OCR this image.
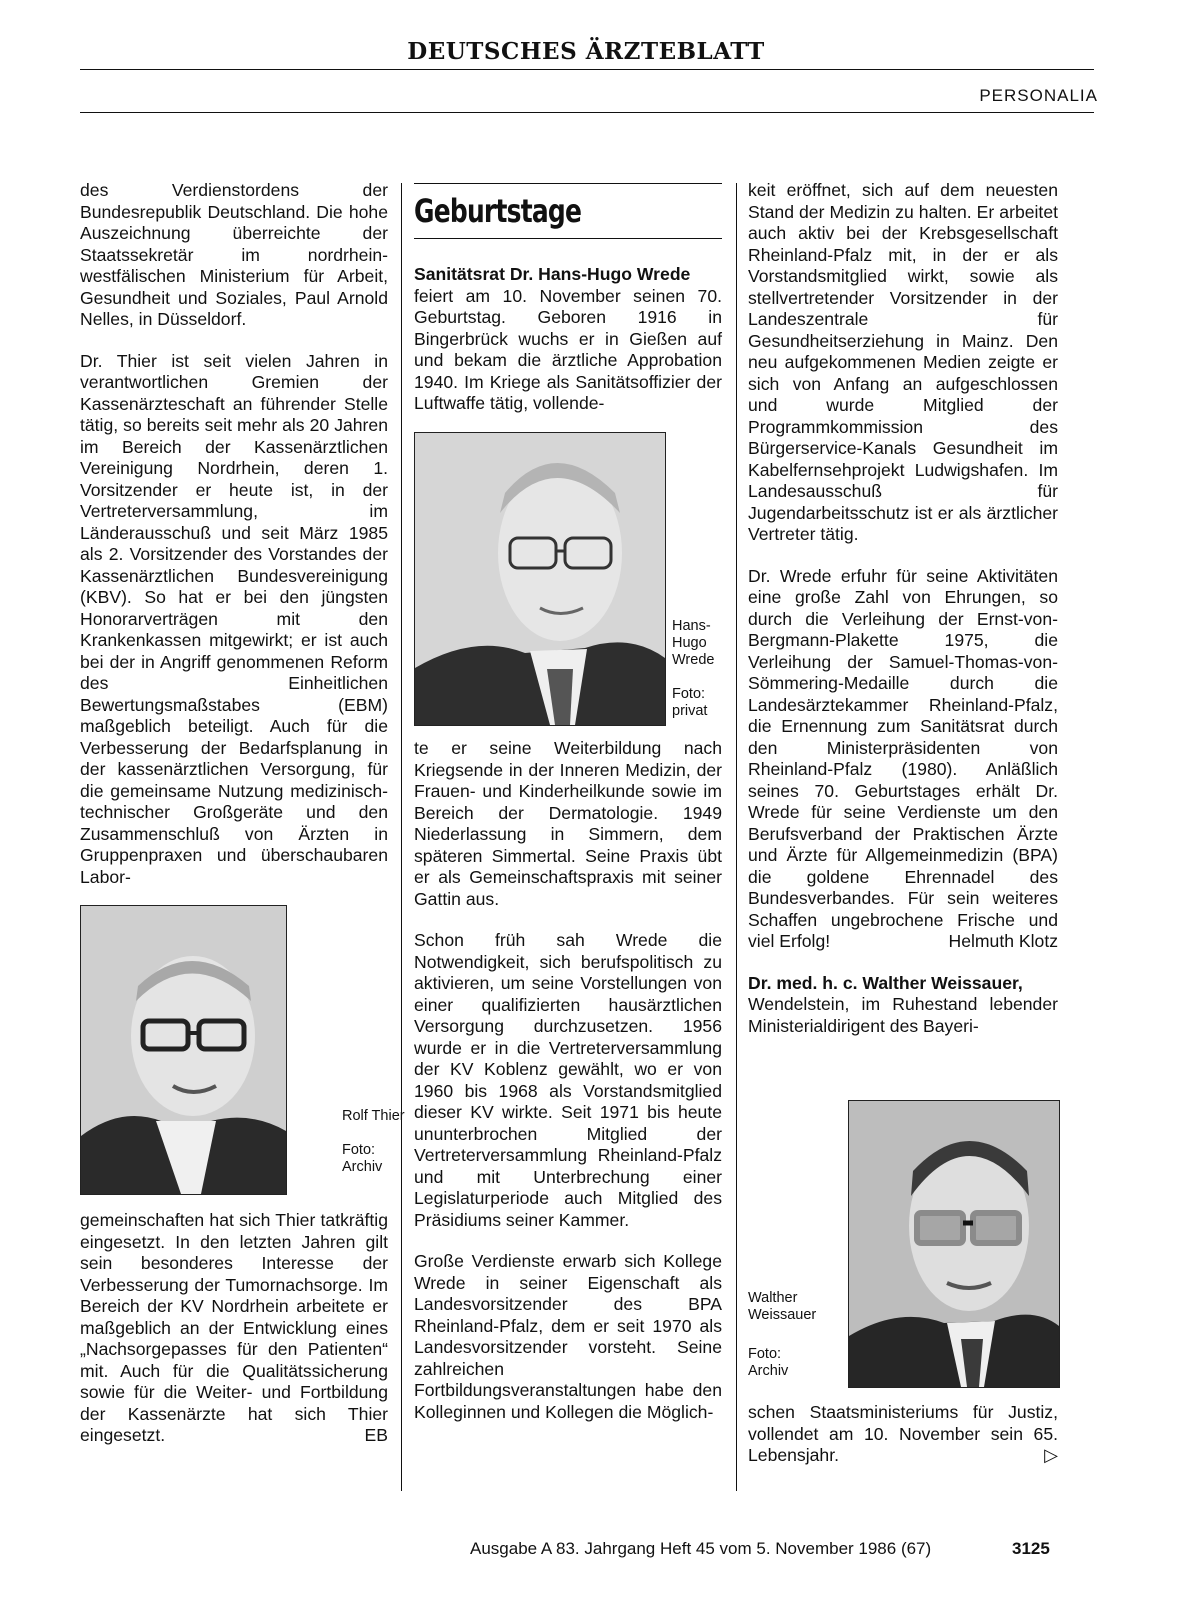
DEUTSCHES ÄRZTEBLATT
PERSONALIA

des Verdienstordens der Bundesrepublik Deutschland. Die hohe Auszeichnung überreichte der Staatssekretär im nordrhein-westfälischen Ministerium für Arbeit, Gesundheit und Soziales, Paul Arnold Nelles, in Düsseldorf.

Dr. Thier ist seit vielen Jahren in verantwortlichen Gremien der Kassenärzteschaft an führender Stelle tätig, so bereits seit mehr als 20 Jahren im Bereich der Kassenärztlichen Vereinigung Nordrhein, deren 1. Vorsitzender er heute ist, in der Vertreterversammlung, im Länderausschuß und seit März 1985 als 2. Vorsitzender des Vorstandes der Kassenärztlichen Bundesvereinigung (KBV). So hat er bei den jüngsten Honorarverträgen mit den Krankenkassen mitgewirkt; er ist auch bei der in Angriff genommenen Reform des Einheitlichen Bewertungsmaßstabes (EBM) maßgeblich beteiligt. Auch für die Verbesserung der Bedarfsplanung in der kassenärztlichen Versorgung, für die gemeinsame Nutzung medizinisch-technischer Großgeräte und den Zusammenschluß von Ärzten in Gruppenpraxen und überschaubaren Labor-

Rolf Thier
Foto: Archiv

gemeinschaften hat sich Thier tatkräftig eingesetzt. In den letzten Jahren gilt sein besonderes Interesse der Verbesserung der Tumornachsorge. Im Bereich der KV Nordrhein arbeitete er maßgeblich an der Entwicklung eines „Nachsorgepasses für den Patienten“ mit. Auch für die Qualitätssicherung sowie für die Weiter- und Fortbildung der Kassenärzte hat sich Thier eingesetzt.	EB
Geburtstage

Sanitätsrat Dr. Hans-Hugo Wrede

feiert am 10. November seinen 70. Geburtstag. Geboren 1916 in Bingerbrück wuchs er in Gießen auf und bekam die ärztliche Approbation 1940. Im Kriege als Sanitätsoffizier der Luftwaffe tätig, vollende-

Hans-Hugo Wrede
Foto: privat

te er seine Weiterbildung nach Kriegsende in der Inneren Medizin, der Frauen- und Kinderheilkunde sowie im Bereich der Dermatologie. 1949 Niederlassung in Simmern, dem späteren Simmertal. Seine Praxis übt er als Gemeinschaftspraxis mit seiner Gattin aus.

Schon früh sah Wrede die Notwendigkeit, sich berufspolitisch zu aktivieren, um seine Vorstellungen von einer qualifizierten hausärztlichen Versorgung durchzusetzen. 1956 wurde er in die Vertreterversammlung der KV Koblenz gewählt, wo er von 1960 bis 1968 als Vorstandsmitglied dieser KV wirkte. Seit 1971 bis heute ununterbrochen Mitglied der Vertreterversammlung Rheinland-Pfalz und mit Unterbrechung einer Legislaturperiode auch Mitglied des Präsidiums seiner Kammer.

Große Verdienste erwarb sich Kollege Wrede in seiner Eigenschaft als Landesvorsitzender des BPA Rheinland-Pfalz, dem er seit 1970 als Landesvorsitzender vorsteht. Seine zahlreichen Fortbildungsveranstaltungen habe den Kolleginnen und Kollegen die Möglich-

keit eröffnet, sich auf dem neuesten Stand der Medizin zu halten. Er arbeitet auch aktiv bei der Krebsgesellschaft Rheinland-Pfalz mit, in der er als Vorstandsmitglied wirkt, sowie als stellvertretender Vorsitzender in der Landeszentrale für Gesundheitserziehung in Mainz. Den neu aufgekommenen Medien zeigte er sich von Anfang an aufgeschlossen und wurde Mitglied der Programmkommission des Bürgerservice-Kanals Gesundheit im Kabelfernsehprojekt Ludwigshafen. Im Landesausschuß für Jugendarbeitsschutz ist er als ärztlicher Vertreter tätig.

Dr. Wrede erfuhr für seine Aktivitäten eine große Zahl von Ehrungen, so durch die Verleihung der Ernst-von-Bergmann-Plakette 1975, die Verleihung der Samuel-Thomas-von-Sömmering-Medaille durch die Landesärztekammer Rheinland-Pfalz, die Ernennung zum Sanitätsrat durch den Ministerpräsidenten von Rheinland-Pfalz (1980). Anläßlich seines 70. Geburtstages erhält Dr. Wrede für seine Verdienste um den Berufsverband der Praktischen Ärzte und Ärzte für Allgemeinmedizin (BPA) die goldene Ehrennadel des Bundesverbandes. Für sein weiteres Schaffen ungebrochene Frische und viel Erfolg!	Helmuth Klotz

Dr. med. h. c. Walther Weissauer,

Wendelstein, im Ruhestand lebender Ministerialdirigent des Bayeri-

Walther Weissauer
Foto: Archiv

schen Staatsministeriums für Justiz, vollendet am 10. November sein 65. Lebensjahr.	▷
Ausgabe A 83. Jahrgang Heft 45 vom 5. November 1986 (67)	3125
